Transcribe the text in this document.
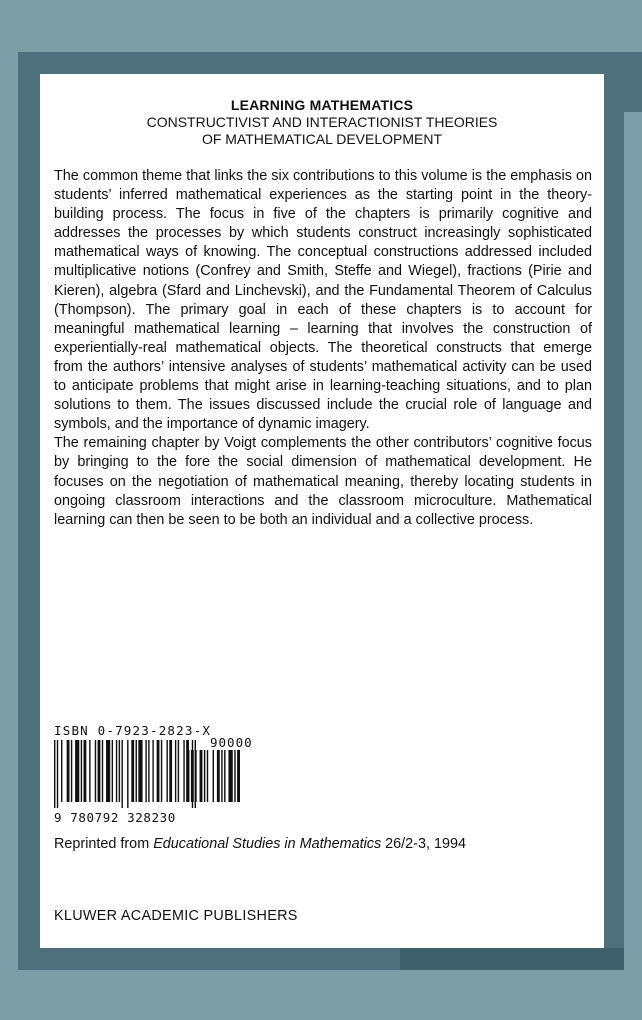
LEARNING MATHEMATICS
CONSTRUCTIVIST AND INTERACTIONIST THEORIES
OF MATHEMATICAL DEVELOPMENT

The common theme that links the six contributions to this volume is the emphasis on students’ inferred mathematical experiences as the starting point in the theory-building process. The focus in five of the chapters is primarily cognitive and addresses the processes by which students construct increasingly sophisticated mathematical ways of knowing. The conceptual constructions addressed included multiplicative notions (Confrey and Smith, Steffe and Wiegel), fractions (Pirie and Kieren), algebra (Sfard and Linchevski), and the Fundamental Theorem of Calculus (Thompson). The primary goal in each of these chapters is to account for meaningful mathematical learning – learning that involves the construction of experientially-real mathematical objects. The theoretical constructs that emerge from the authors’ intensive analyses of students’ mathematical activity can be used to anticipate problems that might arise in learning-teaching situations, and to plan solutions to them. The issues discussed include the crucial role of language and symbols, and the importance of dynamic imagery.

The remaining chapter by Voigt complements the other contributors’ cognitive focus by bringing to the fore the social dimension of mathematical development. He focuses on the negotiation of mathematical meaning, thereby locating students in ongoing classroom interactions and the classroom microculture. Mathematical learning can then be seen to be both an individual and a collective process.

ISBN 0-7923-2823-X
90000
9 780792 328230
Reprinted from Educational Studies in Mathematics 26/2-3, 1994
KLUWER ACADEMIC PUBLISHERS
